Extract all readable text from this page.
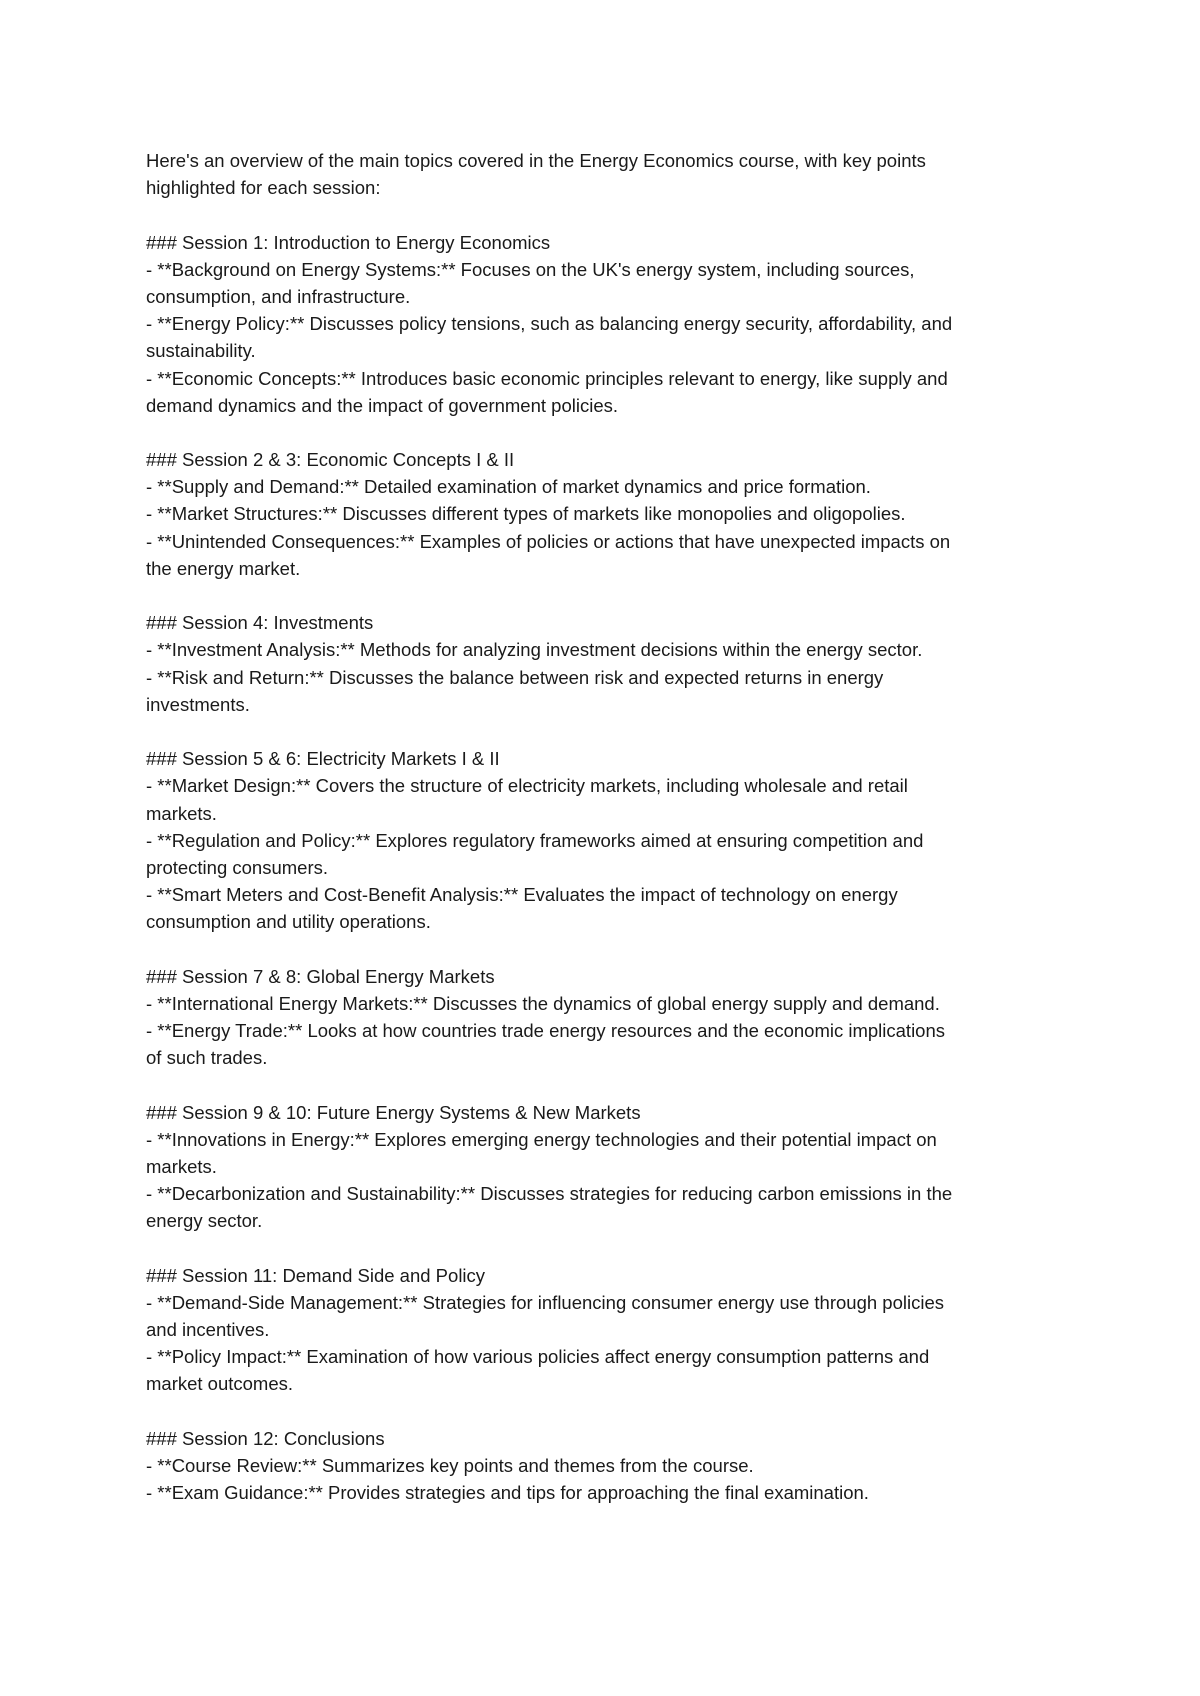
Here's an overview of the main topics covered in the Energy Economics course, with key points
highlighted for each session:
### Session 1: Introduction to Energy Economics
- **Background on Energy Systems:** Focuses on the UK's energy system, including sources,
consumption, and infrastructure.
- **Energy Policy:** Discusses policy tensions, such as balancing energy security, affordability, and
sustainability.
- **Economic Concepts:** Introduces basic economic principles relevant to energy, like supply and
demand dynamics and the impact of government policies.
### Session 2 & 3: Economic Concepts I & II
- **Supply and Demand:** Detailed examination of market dynamics and price formation.
- **Market Structures:** Discusses different types of markets like monopolies and oligopolies.
- **Unintended Consequences:** Examples of policies or actions that have unexpected impacts on
the energy market.
### Session 4: Investments
- **Investment Analysis:** Methods for analyzing investment decisions within the energy sector.
- **Risk and Return:** Discusses the balance between risk and expected returns in energy
investments.
### Session 5 & 6: Electricity Markets I & II
- **Market Design:** Covers the structure of electricity markets, including wholesale and retail
markets.
- **Regulation and Policy:** Explores regulatory frameworks aimed at ensuring competition and
protecting consumers.
- **Smart Meters and Cost-Benefit Analysis:** Evaluates the impact of technology on energy
consumption and utility operations.
### Session 7 & 8: Global Energy Markets
- **International Energy Markets:** Discusses the dynamics of global energy supply and demand.
- **Energy Trade:** Looks at how countries trade energy resources and the economic implications
of such trades.
### Session 9 & 10: Future Energy Systems & New Markets
- **Innovations in Energy:** Explores emerging energy technologies and their potential impact on
markets.
- **Decarbonization and Sustainability:** Discusses strategies for reducing carbon emissions in the
energy sector.
### Session 11: Demand Side and Policy
- **Demand-Side Management:** Strategies for influencing consumer energy use through policies
and incentives.
- **Policy Impact:** Examination of how various policies affect energy consumption patterns and
market outcomes.
### Session 12: Conclusions
- **Course Review:** Summarizes key points and themes from the course.
- **Exam Guidance:** Provides strategies and tips for approaching the final examination.
